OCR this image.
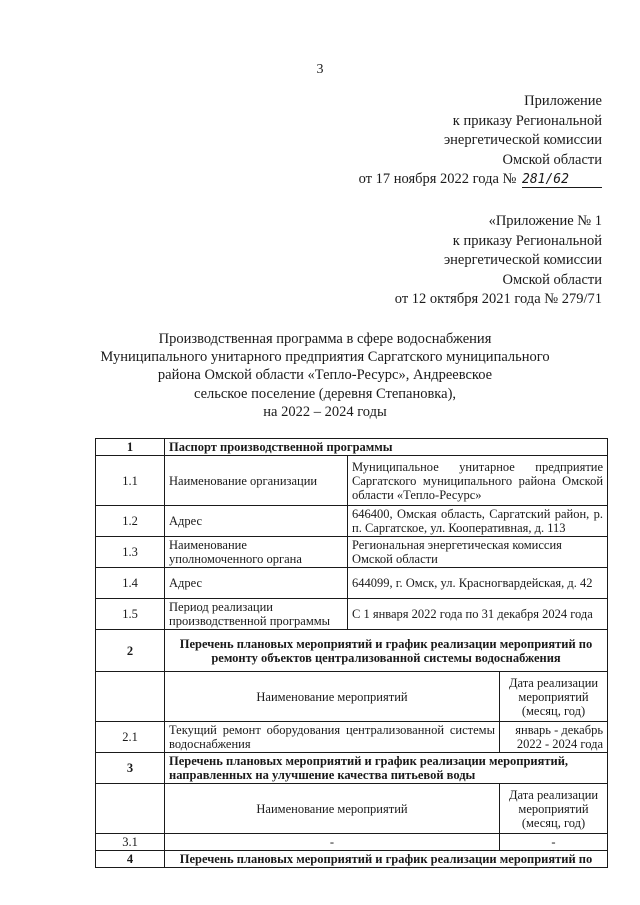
3
Приложение
к приказу Региональной
энергетической комиссии
Омской области
от 17 ноября 2022 года № 281/62
«Приложение № 1
к приказу Региональной
энергетической комиссии
Омской области
от 12 октября 2021 года № 279/71
Производственная программа в сфере водоснабжения
Муниципального унитарного предприятия Саргатского муниципального
района Омской области «Тепло-Ресурс», Андреевское
сельское поселение (деревня Степановка),
на 2022 – 2024 годы
1	Паспорт производственной программы		
1.1	Наименование организации	Муниципальное унитарное предприятие Саргатского муниципального района Омской области «Тепло-Ресурс»	
1.2	Адрес	646400, Омская область, Саргатский район, р. п. Саргатское, ул. Кооперативная, д. 113	
1.3	Наименование уполномоченного органа	Региональная энергетическая комиссия Омской области	
1.4	Адрес	644099, г. Омск, ул. Красногвардейская, д. 42	
1.5	Период реализации производственной программы	С 1 января 2022 года по 31 декабря 2024 года	
2	Перечень плановых мероприятий и график реализации мероприятий по ремонту объектов централизованной системы водоснабжения		
	Наименование мероприятий		Дата реализации мероприятий (месяц, год)
2.1	Текущий ремонт оборудования централизованной системы водоснабжения		январь - декабрь 2022 - 2024 года
3	Перечень плановых мероприятий и график реализации мероприятий, направленных на улучшение качества питьевой воды		
	Наименование мероприятий		Дата реализации мероприятий (месяц, год)
3.1	-		-
4	Перечень плановых мероприятий и график реализации мероприятий по		
